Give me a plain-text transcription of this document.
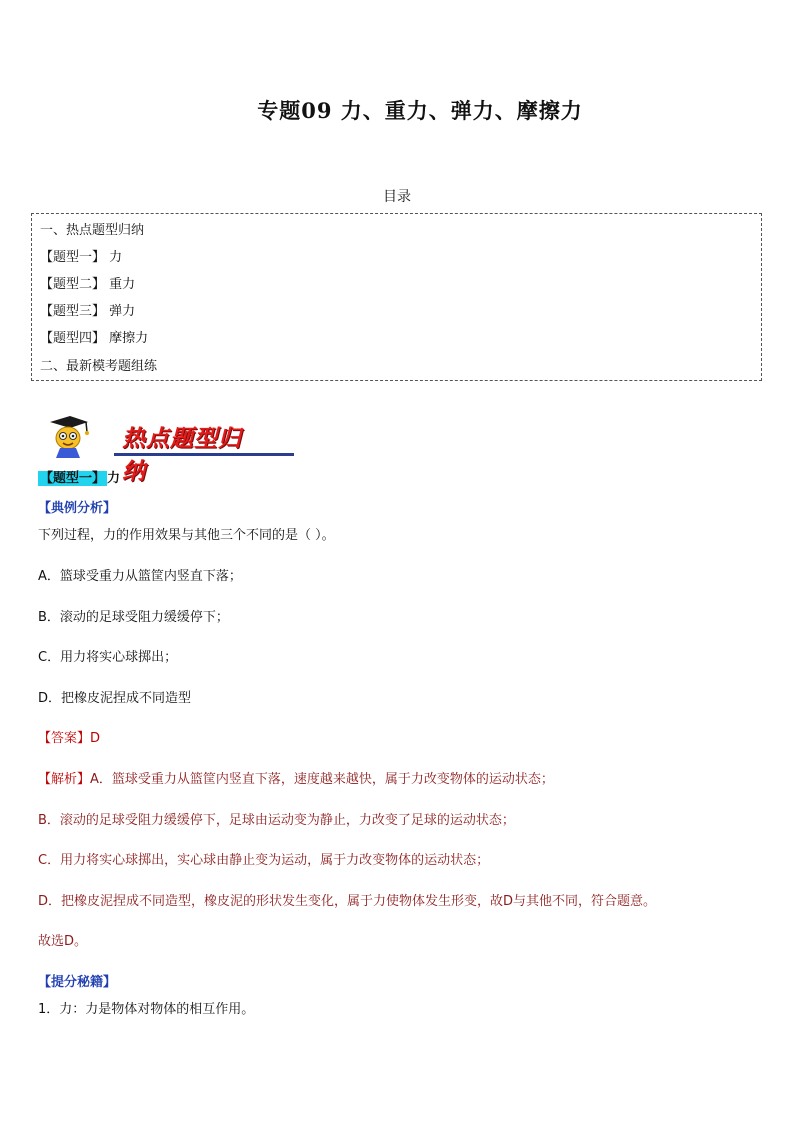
专题09 力、重力、弹力、摩擦力
目录
一、热点题型归纳
【题型一】 力
【题型二】 重力
【题型三】 弹力
【题型四】 摩擦力
二、最新模考题组练
热点题型归纳
【题型一】 力
【典例分析】
下列过程，力的作用效果与其他三个不同的是（ ）。
A．篮球受重力从篮筐内竖直下落；
B．滚动的足球受阻力缓缓停下；
C．用力将实心球掷出；
D．把橡皮泥捏成不同造型
【答案】D
【解析】A．篮球受重力从篮筐内竖直下落，速度越来越快，属于力改变物体的运动状态；
B．滚动的足球受阻力缓缓停下，足球由运动变为静止，力改变了足球的运动状态；
C．用力将实心球掷出，实心球由静止变为运动，属于力改变物体的运动状态；
D．把橡皮泥捏成不同造型，橡皮泥的形状发生变化，属于力使物体发生形变，故D与其他不同，符合题意。
故选D。
【提分秘籍】
1．力：力是物体对物体的相互作用。
